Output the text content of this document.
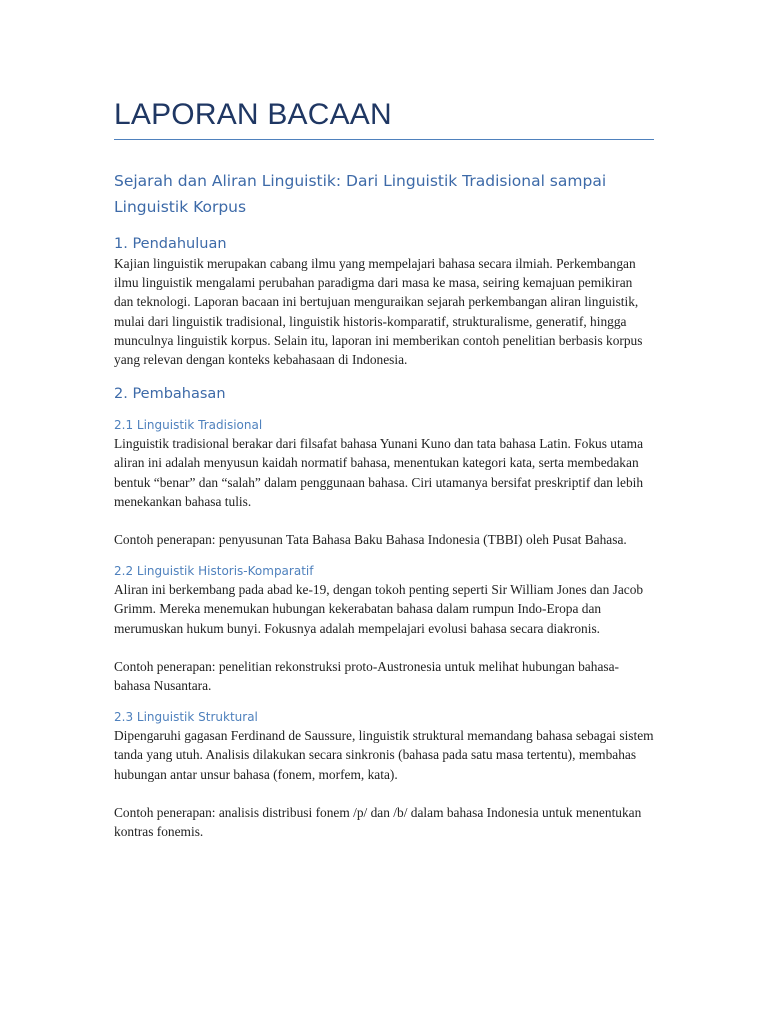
LAPORAN BACAAN
Sejarah dan Aliran Linguistik: Dari Linguistik Tradisional sampai Linguistik Korpus
1. Pendahuluan

Kajian linguistik merupakan cabang ilmu yang mempelajari bahasa secara ilmiah. Perkembangan ilmu linguistik mengalami perubahan paradigma dari masa ke masa, seiring kemajuan pemikiran dan teknologi. Laporan bacaan ini bertujuan menguraikan sejarah perkembangan aliran linguistik, mulai dari linguistik tradisional, linguistik historis-komparatif, strukturalisme, generatif, hingga munculnya linguistik korpus. Selain itu, laporan ini memberikan contoh penelitian berbasis korpus yang relevan dengan konteks kebahasaan di Indonesia.

2. Pembahasan
2.1 Linguistik Tradisional

Linguistik tradisional berakar dari filsafat bahasa Yunani Kuno dan tata bahasa Latin. Fokus utama aliran ini adalah menyusun kaidah normatif bahasa, menentukan kategori kata, serta membedakan bentuk “benar” dan “salah” dalam penggunaan bahasa. Ciri utamanya bersifat preskriptif dan lebih menekankan bahasa tulis.

Contoh penerapan: penyusunan Tata Bahasa Baku Bahasa Indonesia (TBBI) oleh Pusat Bahasa.

2.2 Linguistik Historis-Komparatif

Aliran ini berkembang pada abad ke-19, dengan tokoh penting seperti Sir William Jones dan Jacob Grimm. Mereka menemukan hubungan kekerabatan bahasa dalam rumpun Indo-Eropa dan merumuskan hukum bunyi. Fokusnya adalah mempelajari evolusi bahasa secara diakronis.

Contoh penerapan: penelitian rekonstruksi proto-Austronesia untuk melihat hubungan bahasa-bahasa Nusantara.

2.3 Linguistik Struktural

Dipengaruhi gagasan Ferdinand de Saussure, linguistik struktural memandang bahasa sebagai sistem tanda yang utuh. Analisis dilakukan secara sinkronis (bahasa pada satu masa tertentu), membahas hubungan antar unsur bahasa (fonem, morfem, kata).

Contoh penerapan: analisis distribusi fonem /p/ dan /b/ dalam bahasa Indonesia untuk menentukan kontras fonemis.
